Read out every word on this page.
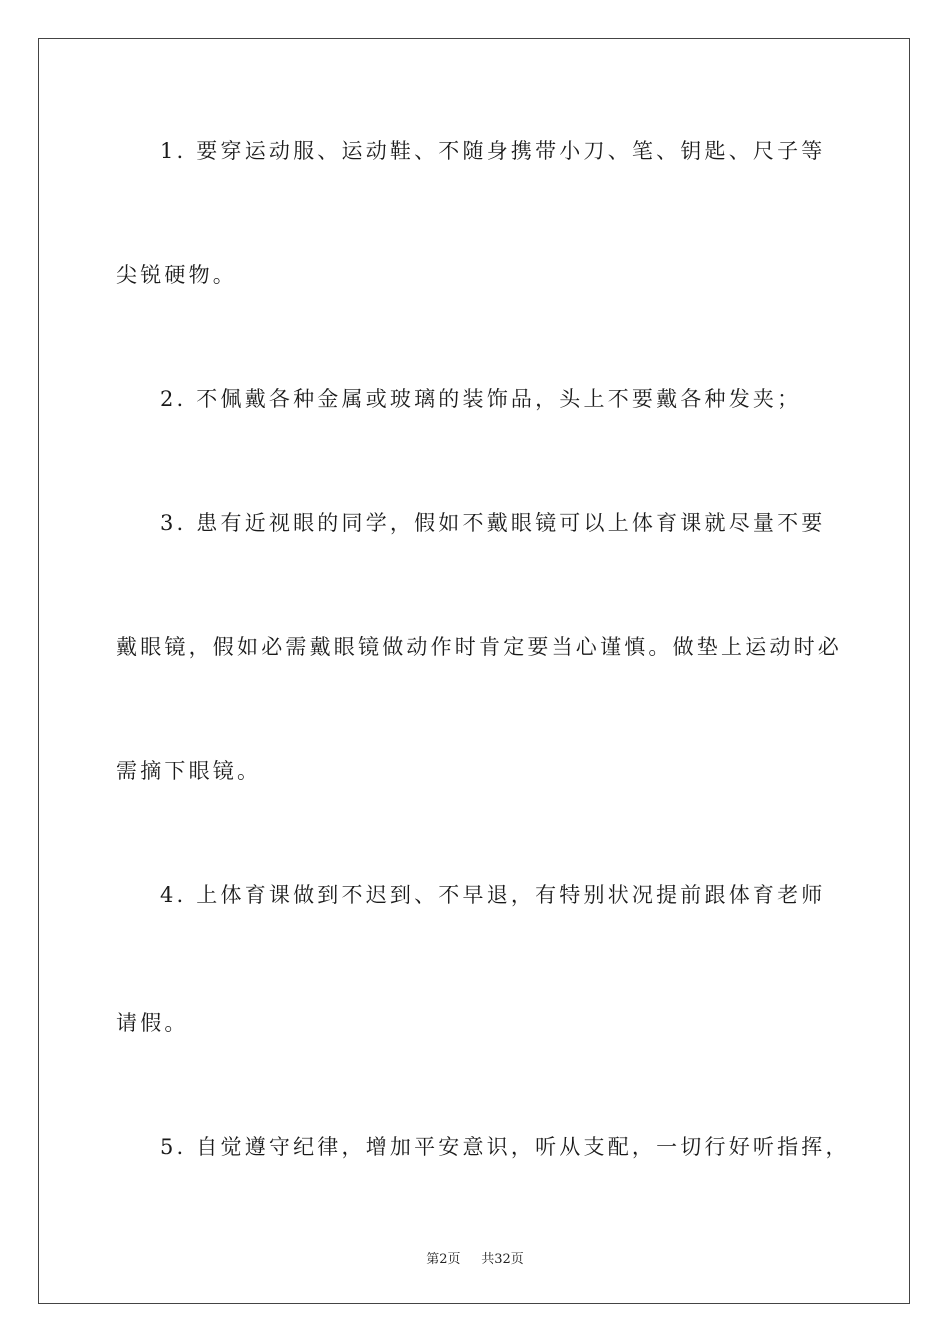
1. 要穿运动服、运动鞋、不随身携带小刀、笔、钥匙、尺子等
尖锐硬物。
2. 不佩戴各种金属或玻璃的装饰品，头上不要戴各种发夹；
3. 患有近视眼的同学，假如不戴眼镜可以上体育课就尽量不要
戴眼镜，假如必需戴眼镜做动作时肯定要当心谨慎。做垫上运动时必
需摘下眼镜。
4. 上体育课做到不迟到、不早退，有特别状况提前跟体育老师
请假。
5. 自觉遵守纪律，增加平安意识，听从支配，一切行好听指挥，
第2页 共32页
